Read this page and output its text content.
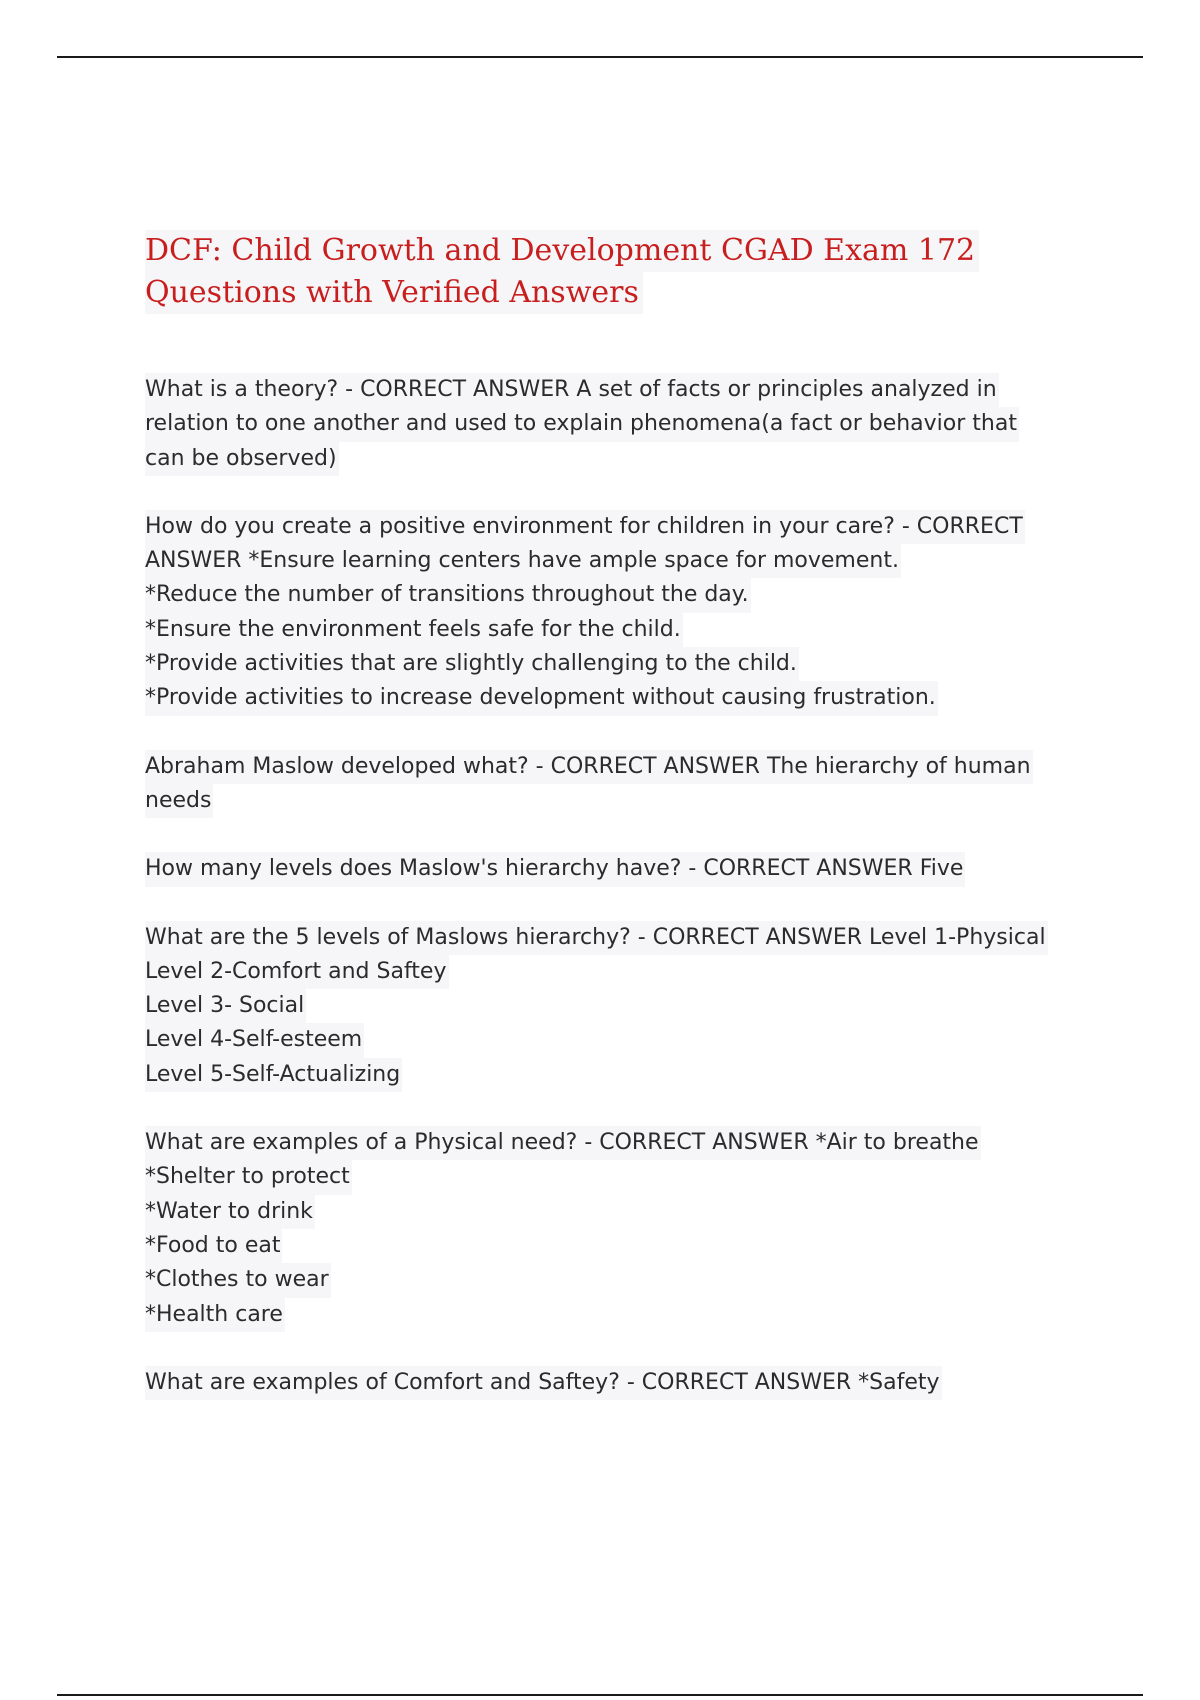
DCF: Child Growth and Development CGAD Exam 172
Questions with Verified Answers
What is a theory? - CORRECT ANSWER A set of facts or principles analyzed in
relation to one another and used to explain phenomena(a fact or behavior that
can be observed)
How do you create a positive environment for children in your care? - CORRECT
ANSWER *Ensure learning centers have ample space for movement.
*Reduce the number of transitions throughout the day.
*Ensure the environment feels safe for the child.
*Provide activities that are slightly challenging to the child.
*Provide activities to increase development without causing frustration.
Abraham Maslow developed what? - CORRECT ANSWER The hierarchy of human
needs
How many levels does Maslow's hierarchy have? - CORRECT ANSWER Five
What are the 5 levels of Maslows hierarchy? - CORRECT ANSWER Level 1-Physical
Level 2-Comfort and Saftey
Level 3- Social
Level 4-Self-esteem
Level 5-Self-Actualizing
What are examples of a Physical need? - CORRECT ANSWER *Air to breathe
*Shelter to protect
*Water to drink
*Food to eat
*Clothes to wear
*Health care
What are examples of Comfort and Saftey? - CORRECT ANSWER *Safety
